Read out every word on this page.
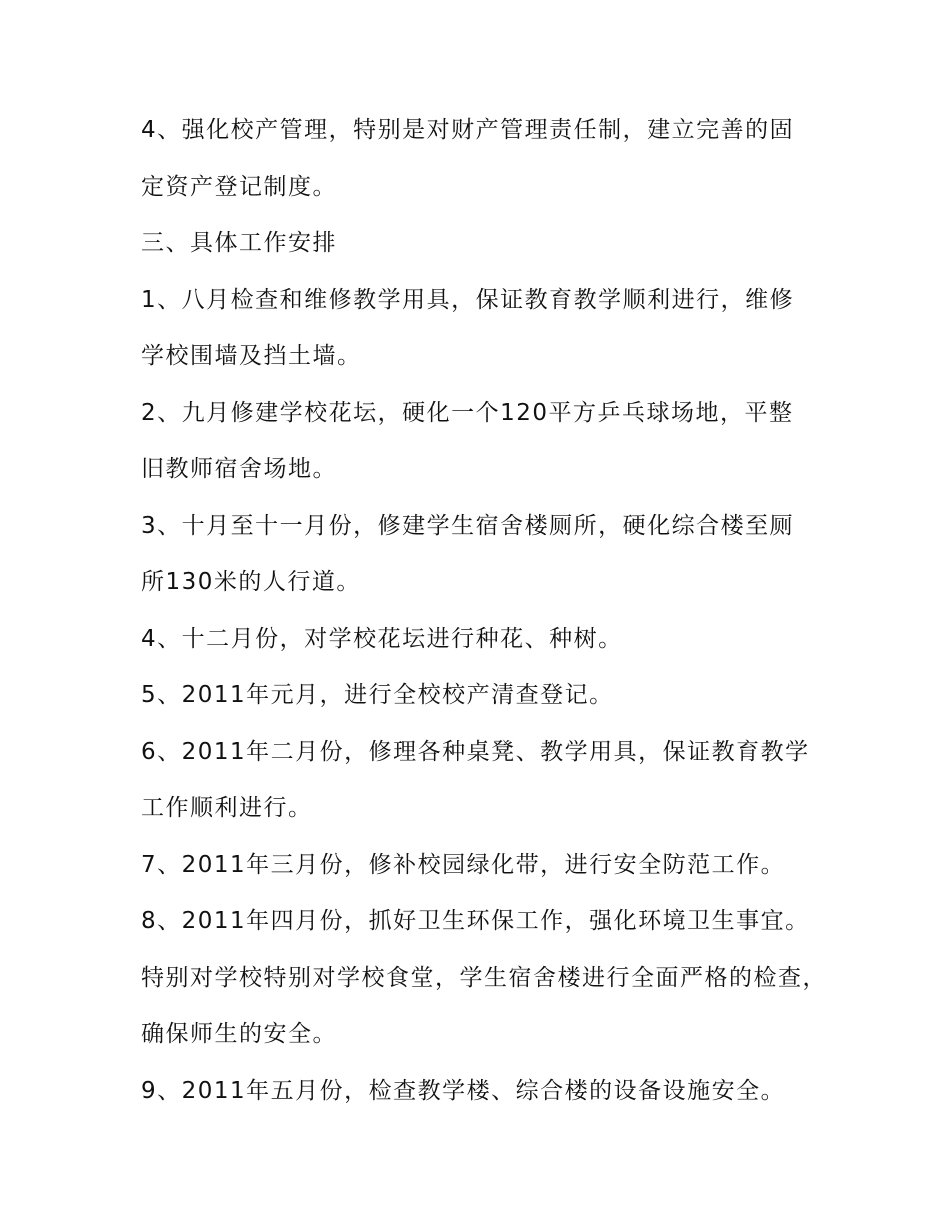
4、强化校产管理，特别是对财产管理责任制，建立完善的固
定资产登记制度。
三、具体工作安排
1、八月检查和维修教学用具，保证教育教学顺利进行，维修
学校围墙及挡土墙。
2、九月修建学校花坛，硬化一个120平方乒乓球场地，平整
旧教师宿舍场地。
3、十月至十一月份，修建学生宿舍楼厕所，硬化综合楼至厕
所130米的人行道。
4、十二月份，对学校花坛进行种花、种树。
5、2011年元月，进行全校校产清查登记。
6、2011年二月份，修理各种桌凳、教学用具，保证教育教学
工作顺利进行。
7、2011年三月份，修补校园绿化带，进行安全防范工作。
8、2011年四月份，抓好卫生环保工作，强化环境卫生事宜。
特别对学校特别对学校食堂，学生宿舍楼进行全面严格的检查，
确保师生的安全。
9、2011年五月份，检查教学楼、综合楼的设备设施安全。
